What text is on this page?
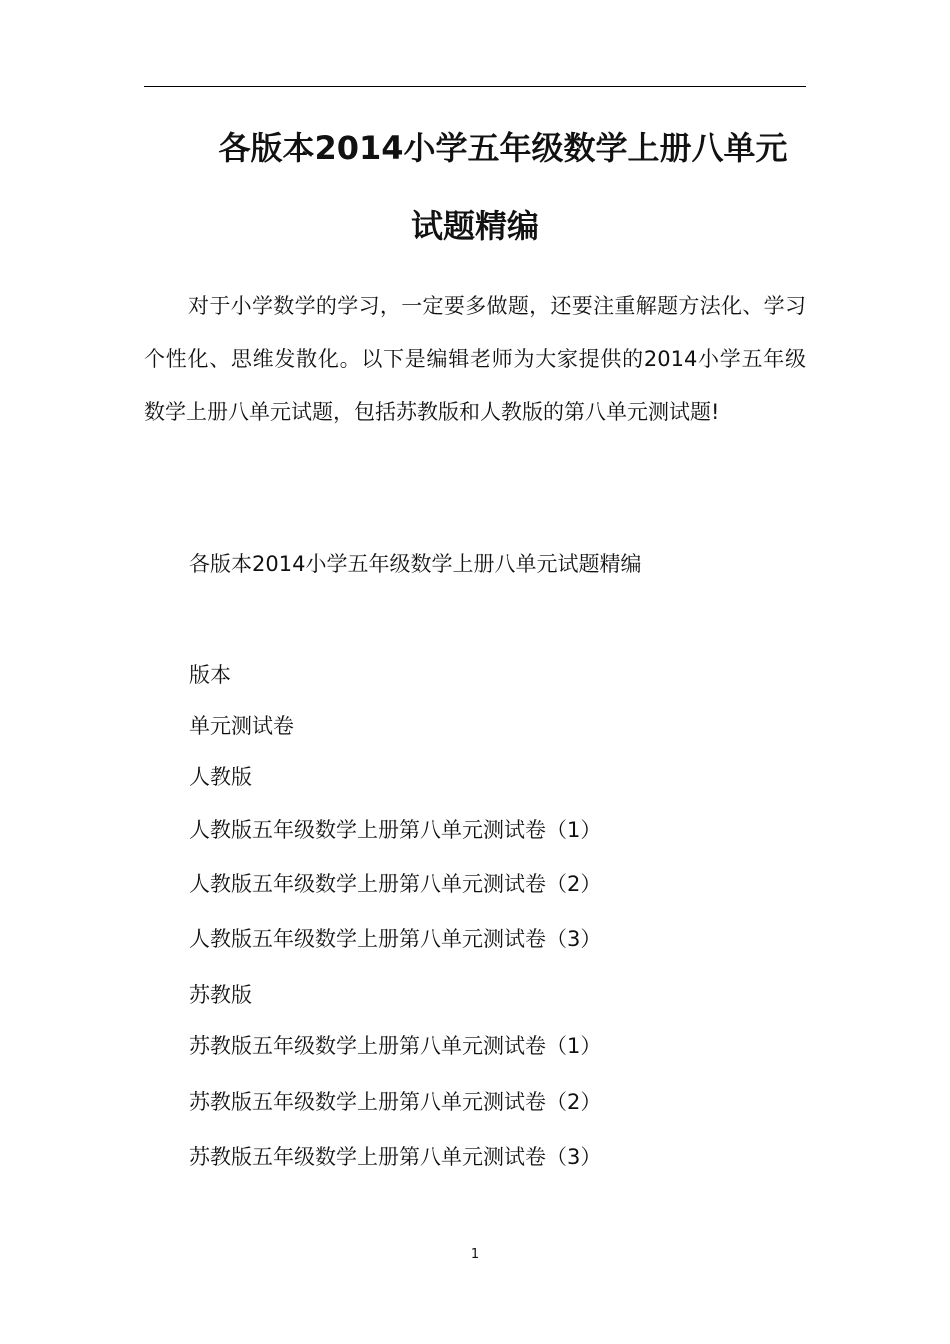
各版本2014小学五年级数学上册八单元
试题精编

对于小学数学的学习，一定要多做题，还要注重解题方法化、学习个性化、思维发散化。以下是编辑老师为大家提供的2014小学五年级数学上册八单元试题，包括苏教版和人教版的第八单元测试题!

各版本2014小学五年级数学上册八单元试题精编
版本
单元测试卷
人教版
人教版五年级数学上册第八单元测试卷（1）
人教版五年级数学上册第八单元测试卷（2）
人教版五年级数学上册第八单元测试卷（3）
苏教版
苏教版五年级数学上册第八单元测试卷（1）
苏教版五年级数学上册第八单元测试卷（2）
苏教版五年级数学上册第八单元测试卷（3）
1
